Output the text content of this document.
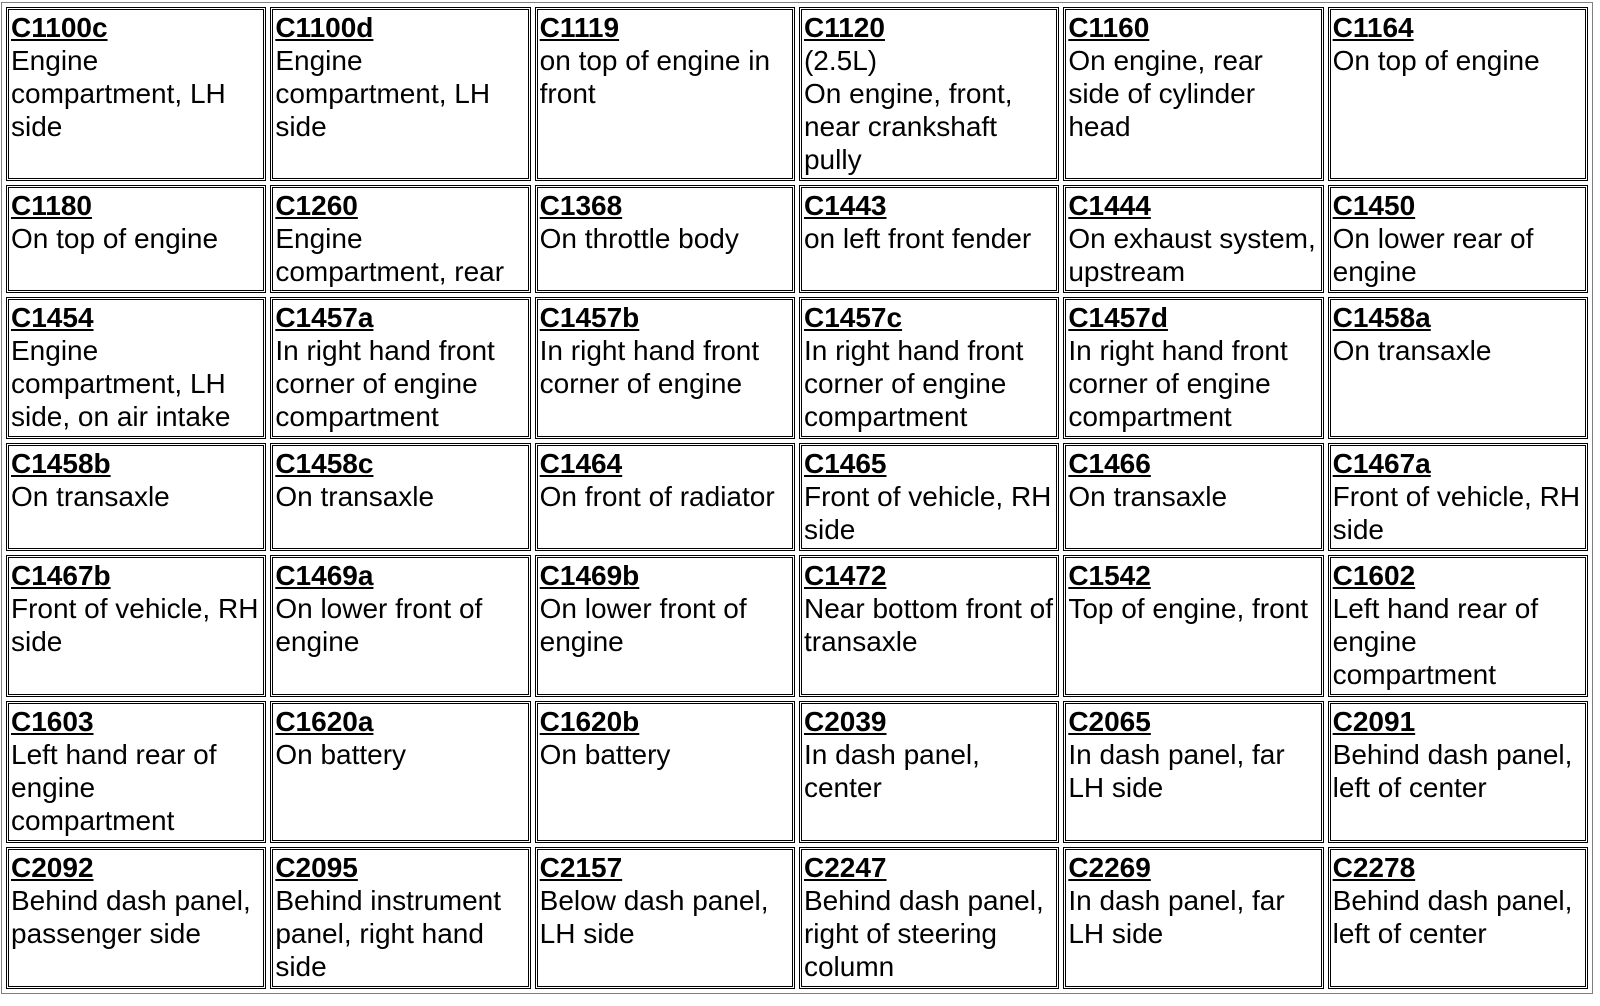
C1100c
Engine compartment, LH side	C1100d
Engine compartment, LH side	C1119
on top of engine in front	C1120
(2.5L)
On engine, front, near crankshaft pully	C1160
On engine, rear side of cylinder head	C1164
On top of engine

C1180
On top of engine	C1260
Engine compartment, rear	C1368
On throttle body	C1443
on left front fender	C1444
On exhaust system, upstream	C1450
On lower rear of engine

C1454
Engine compartment, LH side, on air intake	C1457a
In right hand front corner of engine compartment	C1457b
In right hand front corner of engine	C1457c
In right hand front corner of engine compartment	C1457d
In right hand front corner of engine compartment	C1458a
On transaxle

C1458b
On transaxle	C1458c
On transaxle	C1464
On front of radiator	C1465
Front of vehicle, RH side	C1466
On transaxle	C1467a
Front of vehicle, RH side

C1467b
Front of vehicle, RH side	C1469a
On lower front of engine	C1469b
On lower front of engine	C1472
Near bottom front of transaxle	C1542
Top of engine, front	C1602
Left hand rear of engine compartment

C1603
Left hand rear of engine compartment	C1620a
On battery	C1620b
On battery	C2039
In dash panel, center	C2065
In dash panel, far LH side	C2091
Behind dash panel, left of center

C2092
Behind dash panel, passenger side	C2095
Behind instrument panel, right hand side	C2157
Below dash panel, LH side	C2247
Behind dash panel, right of steering column	C2269
In dash panel, far LH side	C2278
Behind dash panel, left of center
